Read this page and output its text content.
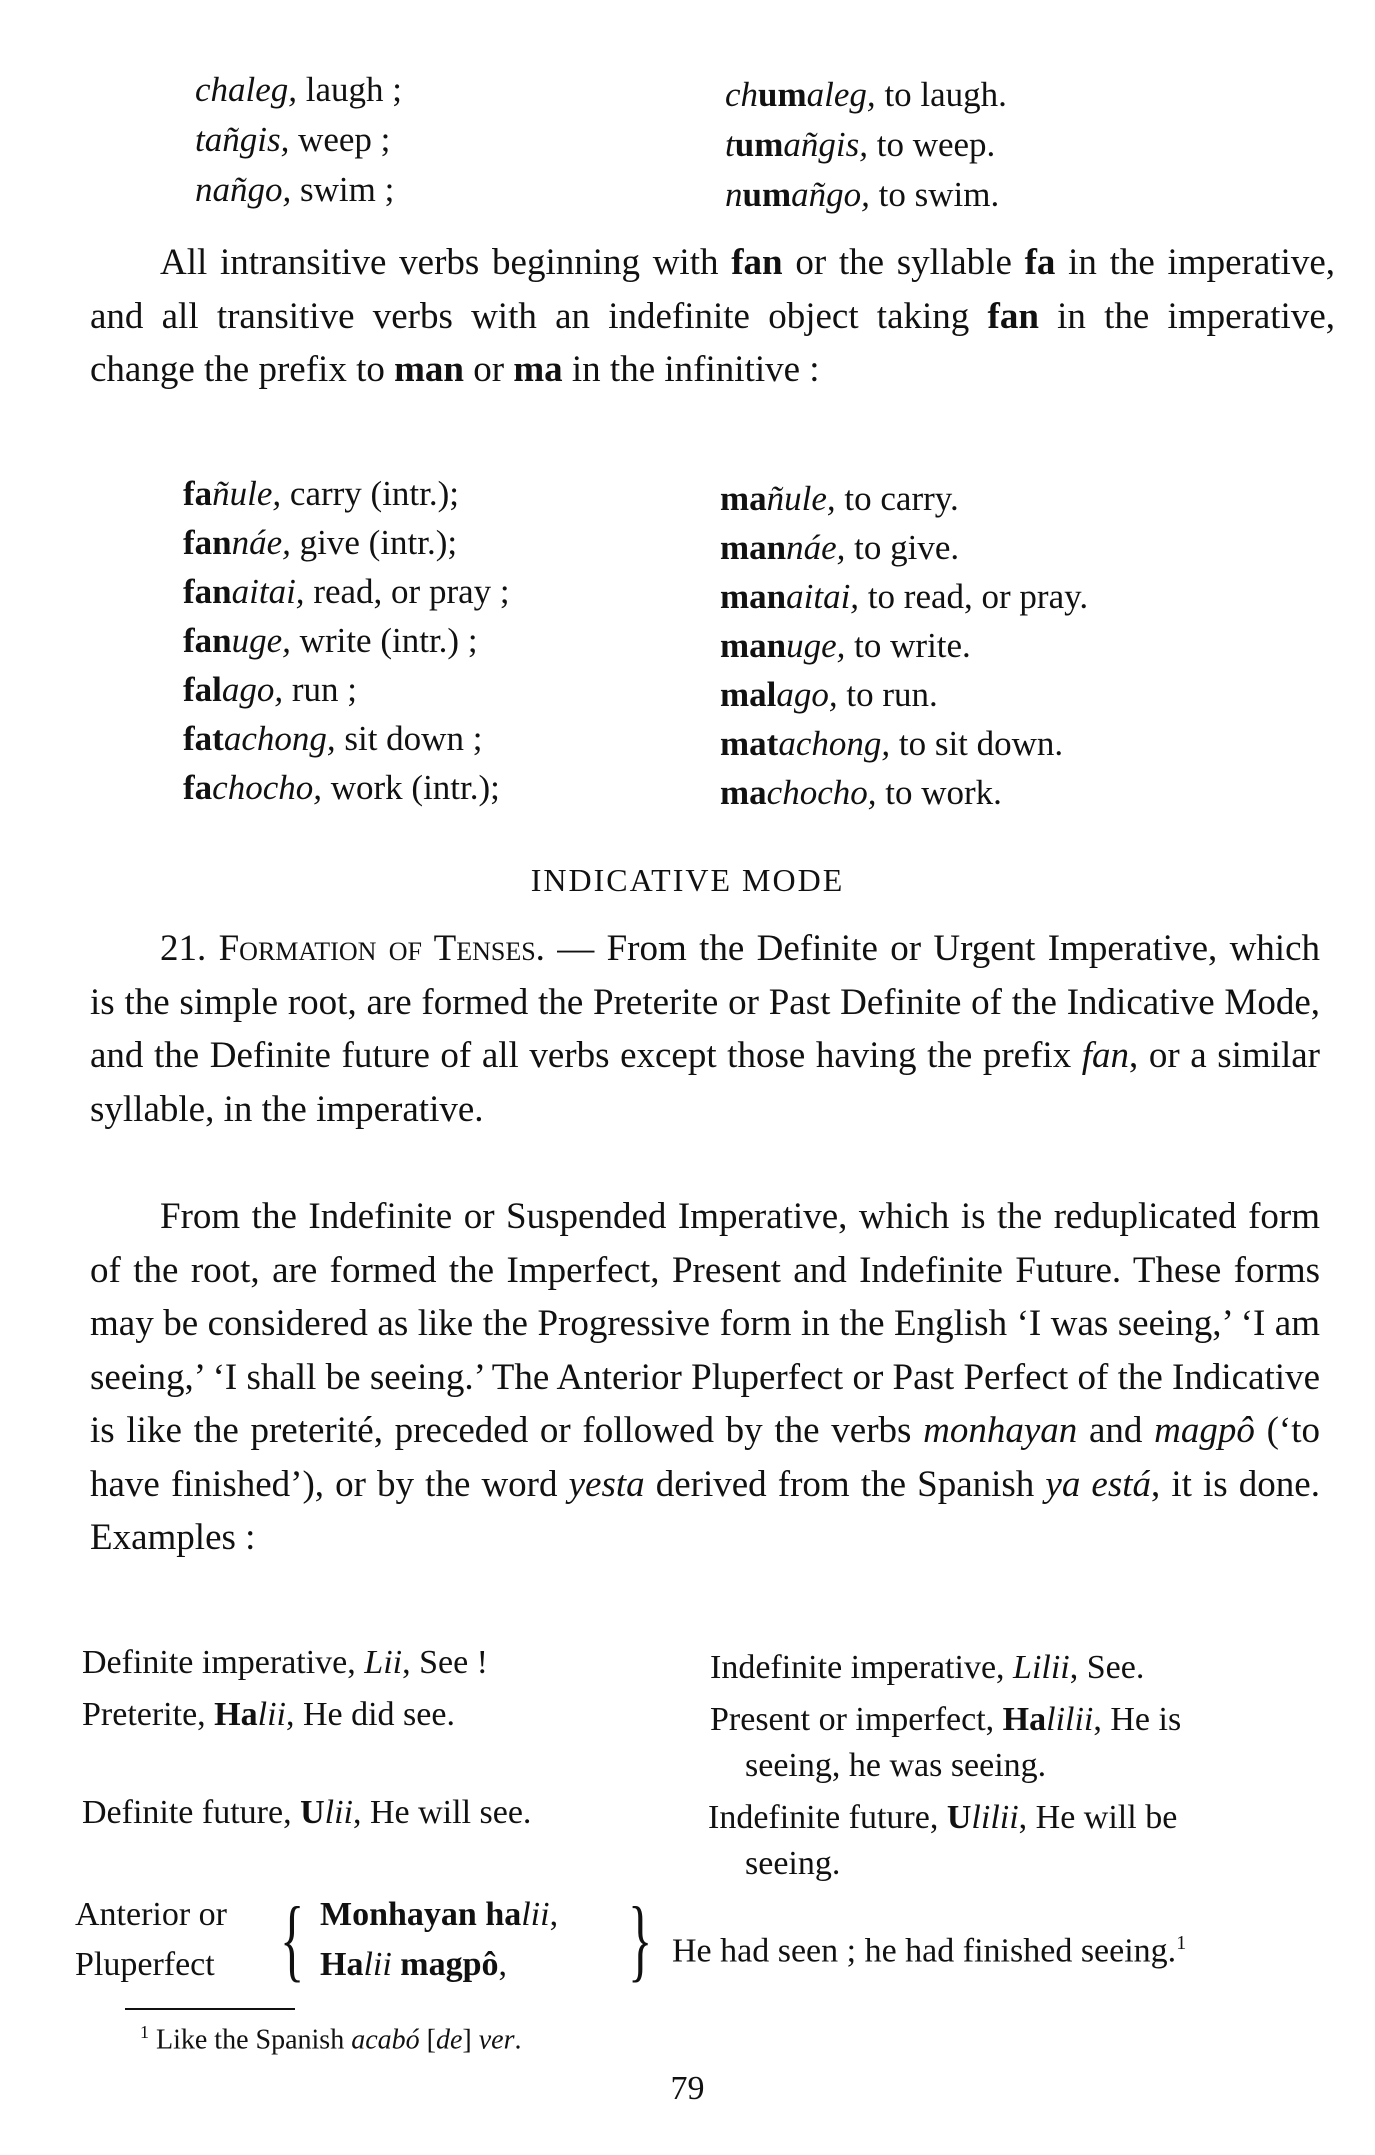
chaleg, laugh ;	chumaleg, to laugh.
tañgis, weep ;	tumañgis, to weep.
nañgo, swim ;	numañgo, to swim.

All intransitive verbs beginning with fan or the syllable fa in the imperative, and all transitive verbs with an indefinite object taking fan in the imperative, change the prefix to man or ma in the infinitive :

fañule, carry (intr.);	mañule, to carry.
fannáe, give (intr.);	mannáe, to give.
fanaitai, read, or pray ;	manaitai, to read, or pray.
fanuge, write (intr.) ;	manuge, to write.
falago, run ;	malago, to run.
fatachong, sit down ;	matachong, to sit down.
fachocho, work (intr.);	machocho, to work.
INDICATIVE MODE

21. Formation of Tenses. — From the Definite or Urgent Imperative, which is the simple root, are formed the Preterite or Past Definite of the Indicative Mode, and the Definite future of all verbs except those having the prefix fan, or a similar syllable, in the imperative.

From the Indefinite or Suspended Imperative, which is the reduplicated form of the root, are formed the Imperfect, Present and Indefinite Future. These forms may be considered as like the Progressive form in the English ‘I was seeing,’ ‘I am seeing,’ ‘I shall be seeing.’ The Anterior Pluperfect or Past Perfect of the Indicative is like the preterité, preceded or followed by the verbs monhayan and magpô (‘to have finished’), or by the word yesta derived from the Spanish ya está, it is done. Examples :

Definite imperative, Lii, See !	Indefinite imperative, Lilii, See.
Preterite, Halii, He did see.	Present or imperfect, Halilii, He is
seeing, he was seeing.
Definite future, Ulii, He will see.	Indefinite future, Ulilii, He will be
seeing.
Anterior or
Pluperfect { Monhayan halii,
Halii magpô,	} He had seen ; he had finished seeing.$^1$
$^1$ Like the Spanish acabó [de] ver.
79
